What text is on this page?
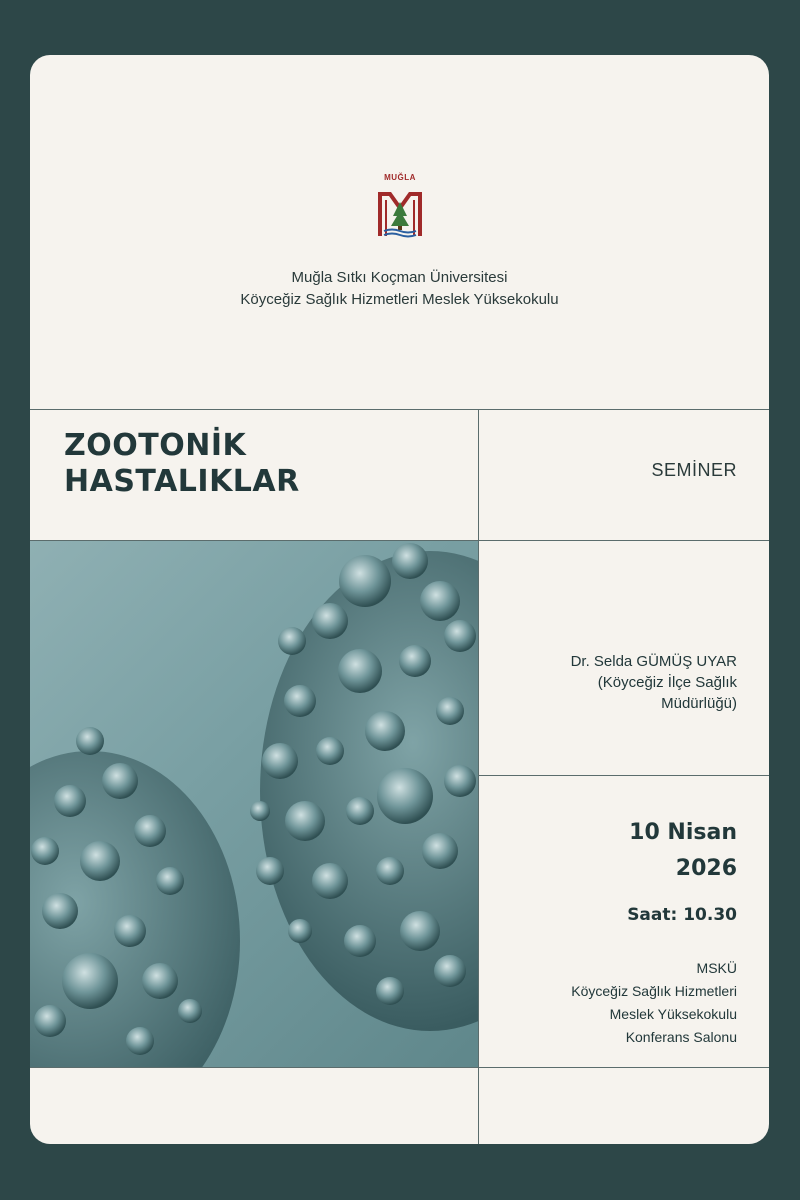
MUĞLA
Muğla Sıtkı Koçman Üniversitesi
Köyceğiz Sağlık Hizmetleri Meslek Yüksekokulu
ZOOTONİK
HASTALIKLAR	SEMİNER
Dr. Selda GÜMÜŞ UYAR
(Köyceğiz İlçe Sağlık
Müdürlüğü)
10 Nisan
2026
Saat: 10.30
MSKÜ
Köyceğiz Sağlık Hizmetleri
Meslek Yüksekokulu
Konferans Salonu
